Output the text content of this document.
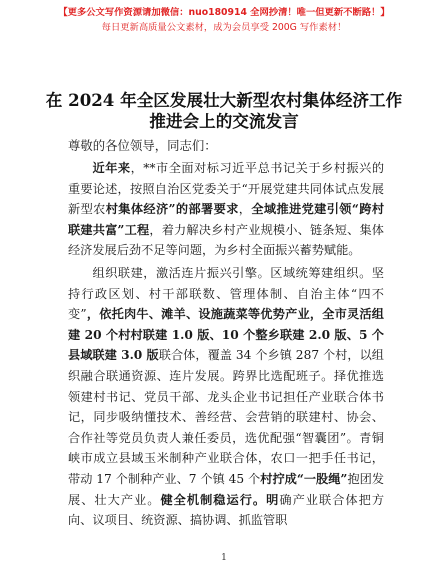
【更多公文写作资源请加微信：nuo180914 全网抄清！唯一但更新不断路！】
每日更新高质量公文素材，成为会员享受 200G 写作素材！
在 2024 年全区发展壮大新型农村集体经济工作
推进会上的交流发言
尊敬的各位领导，同志们：

近年来，**市全面对标习近平总书记关于乡村振兴的重要论述，按照自治区党委关于“开展党建共同体试点发展新型农村集体经济”的部署要求，全域推进党建引领“跨村联建共富”工程，着力解决乡村产业规模小、链条短、集体经济发展后劲不足等问题，为乡村全面振兴蓄势赋能。

组织联建，激活连片振兴引擎。区域统筹建组织。坚持行政区划、村干部联数、管理体制、自治主体“四不变”，依托肉牛、滩羊、设施蔬菜等优势产业，全市灵活组建 20 个村村联建 1.0 版、10 个整乡联建 2.0 版、5 个县域联建 3.0 版联合体，覆盖 34 个乡镇 287 个村，以组织融合联通资源、连片发展。跨界比选配班子。择优推选领建村书记、党员干部、龙头企业书记担任产业联合体书记，同步吸纳懂技术、善经营、会营销的联建村、协会、合作社等党员负责人兼任委员，选优配强“智囊团”。青铜峡市成立县域玉米制种产业联合体，农口一把手任书记，带动 17 个制种产业、7 个镇 45 个村拧成“一股绳”抱团发展、壮大产业。健全机制稳运行。明确产业联合体把方向、议项目、统资源、搞协调、抓监管职

1
